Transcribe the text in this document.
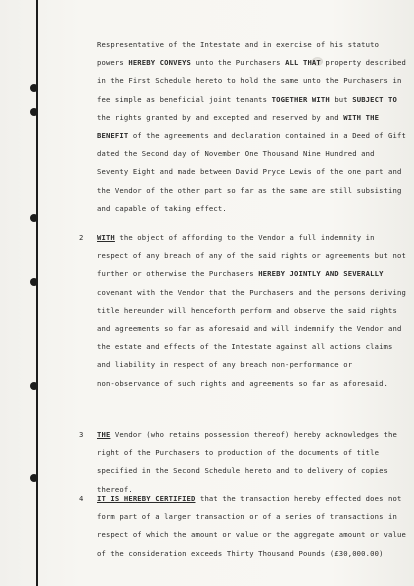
Respresentative of the Intestate and in exercise of his statuto
powers HEREBY CONVEYS unto the Purchasers ALL THAT property described
in the First Schedule hereto to hold the same unto the Purchasers in
fee simple as beneficial joint tenants TOGETHER WITH but SUBJECT TO
the rights granted by and excepted and reserved by and WITH THE
BENEFIT of the agreements and declaration contained in a Deed of Gift
dated the Second day of November One Thousand Nine Hundred and
Seventy Eight and made between David Pryce Lewis of the one part and
the Vendor of the other part so far as the same are still subsisting
and capable of taking effect.
2 WITH the object of affording to the Vendor a full indemnity in
respect of any breach of any of the said rights or agreements but not
further or otherwise the Purchasers HEREBY JOINTLY AND SEVERALLY
covenant with the Vendor that the Purchasers and the persons deriving
title hereunder will henceforth perform and observe the said rights
and agreements so far as aforesaid and will indemnify the Vendor and
the estate and effects of the Intestate against all actions claims
and liability in respect of any breach non-performance or
non-observance of such rights and agreements so far as aforesaid.
3 THE Vendor (who retains possession thereof) hereby acknowledges the
right of the Purchasers to production of the documents of title
specified in the Second Schedule hereto and to delivery of copies
thereof.
4 IT IS HEREBY CERTIFIED that the transaction hereby effected does not
form part of a larger transaction or of a series of transactions in
respect of which the amount or value or the aggregate amount or value
of the consideration exceeds Thirty Thousand Pounds (£30,000.00)
